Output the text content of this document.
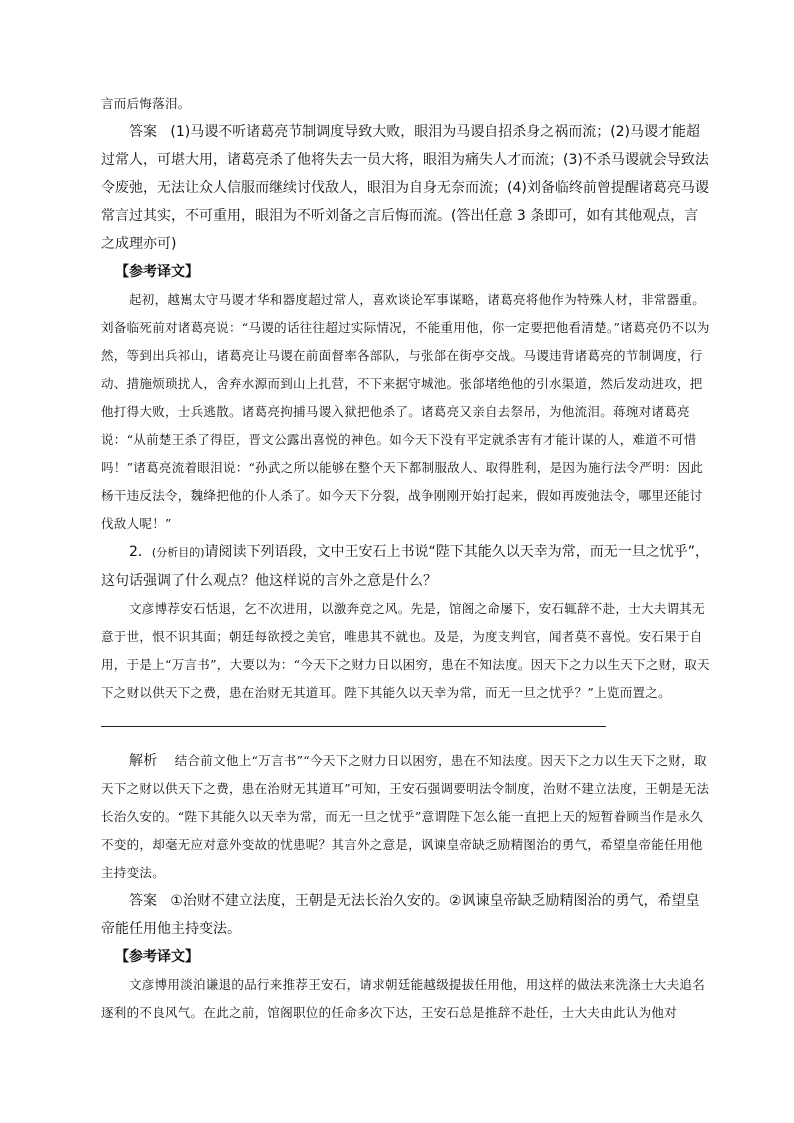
言而后悔落泪。

答案 (1)马谡不听诸葛亮节制调度导致大败，眼泪为马谡自招杀身之祸而流；(2)马谡才能超过常人，可堪大用，诸葛亮杀了他将失去一员大将，眼泪为痛失人才而流；(3)不杀马谡就会导致法令废弛，无法让众人信服而继续讨伐敌人，眼泪为自身无奈而流；(4)刘备临终前曾提醒诸葛亮马谡常言过其实，不可重用，眼泪为不听刘备之言后悔而流。(答出任意 3 条即可，如有其他观点，言之成理亦可)

【参考译文】

起初，越嶲太守马谡才华和器度超过常人，喜欢谈论军事谋略，诸葛亮将他作为特殊人材，非常器重。刘备临死前对诸葛亮说：“马谡的话往往超过实际情况，不能重用他，你一定要把他看清楚。”诸葛亮仍不以为然，等到出兵祁山，诸葛亮让马谡在前面督率各部队，与张郃在街亭交战。马谡违背诸葛亮的节制调度，行动、措施烦琐扰人，舍弃水源而到山上扎营，不下来据守城池。张郃堵绝他的引水渠道，然后发动进攻，把他打得大败，士兵逃散。诸葛亮拘捕马谡入狱把他杀了。诸葛亮又亲自去祭吊，为他流泪。蒋琬对诸葛亮说：“从前楚王杀了得臣，晋文公露出喜悦的神色。如今天下没有平定就杀害有才能计谋的人，难道不可惜吗！”诸葛亮流着眼泪说：“孙武之所以能够在整个天下都制服敌人、取得胜利，是因为施行法令严明：因此杨干违反法令，魏绛把他的仆人杀了。如今天下分裂，战争刚刚开始打起来，假如再废弛法令，哪里还能讨伐敌人呢！”

2．(分析目的)请阅读下列语段，文中王安石上书说“陛下其能久以天幸为常，而无一旦之忧乎”，这句话强调了什么观点？他这样说的言外之意是什么？

文彦博荐安石恬退，乞不次进用，以激奔竞之风。先是，馆阁之命屡下，安石辄辞不赴，士大夫谓其无意于世，恨不识其面；朝廷每欲授之美官，唯患其不就也。及是，为度支判官，闻者莫不喜悦。安石果于自用，于是上“万言书”，大要以为：“今天下之财力日以困穷，患在不知法度。因天下之力以生天下之财，取天下之财以供天下之费，患在治财无其道耳。陛下其能久以天幸为常，而无一旦之忧乎？”上览而置之。

解析 结合前文他上“万言书”“今天下之财力日以困穷，患在不知法度。因天下之力以生天下之财，取天下之财以供天下之费，患在治财无其道耳”可知，王安石强调要明法令制度，治财不建立法度，王朝是无法长治久安的。“陛下其能久以天幸为常，而无一旦之忧乎”意谓陛下怎么能一直把上天的短暂眷顾当作是永久不变的，却毫无应对意外变故的忧患呢？其言外之意是，讽谏皇帝缺乏励精图治的勇气，希望皇帝能任用他主持变法。

答案 ①治财不建立法度，王朝是无法长治久安的。②讽谏皇帝缺乏励精图治的勇气，希望皇帝能任用他主持变法。

【参考译文】

文彦博用淡泊谦退的品行来推荐王安石，请求朝廷能越级提拔任用他，用这样的做法来洗涤士大夫追名逐利的不良风气。在此之前，馆阁职位的任命多次下达，王安石总是推辞不赴任，士大夫由此认为他对
